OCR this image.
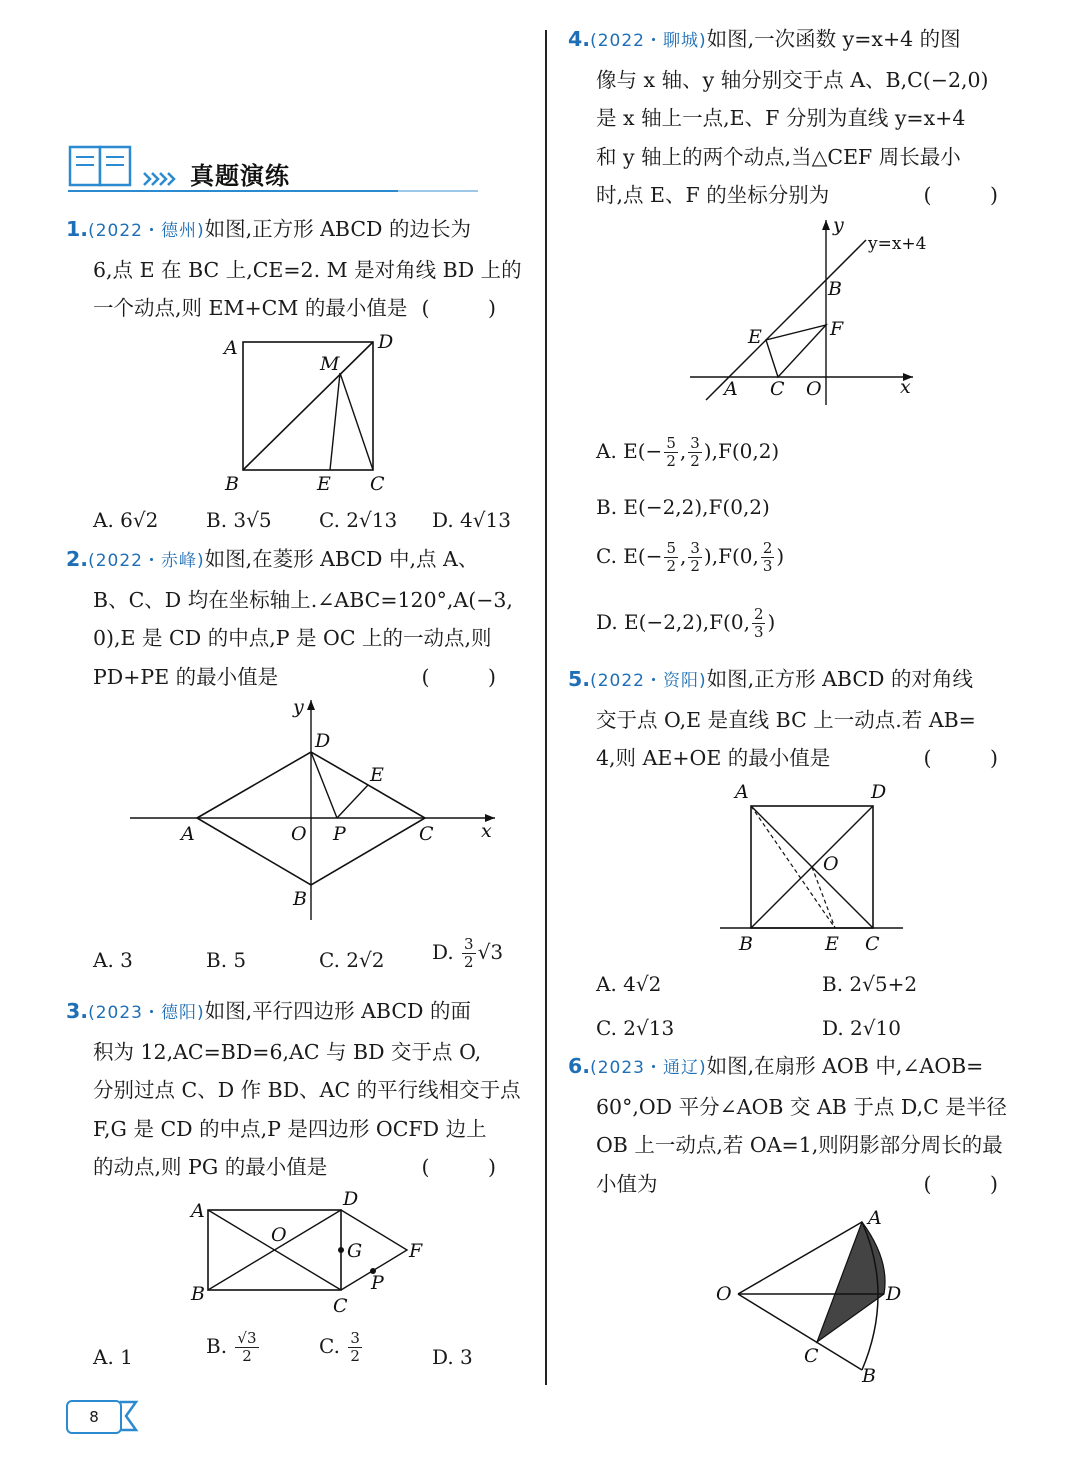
真题演练

1.(2022・德州)如图,正方形 ABCD 的边长为

6,点 E 在 BC 上,CE=2. M 是对角线 BD 上的

一个动点,则 EM+CM 的最小值是 ( )

A	D
M
B	E C
A. 6√2 B. 3√5 C. 2√13 D. 4√13

2.(2022・赤峰)如图,在菱形 ABCD 中,点 A、

B、C、D 均在坐标轴上.∠ABC=120°,A(−3,

0),E 是 CD 的中点,P 是 OC 上的一动点,则

PD+PE 的最小值是	( )

y
D
E
A	O P	C x
B
A. 3	B. 5	C. 2√2 D. $\frac{3}{2} √3$

3.(2023・德阳)如图,平行四边形 ABCD 的面

积为 12,AC=BD=6,AC 与 BD 交于点 O,

分别过点 C、D 作 BD、AC 的平行线相交于点

F,G 是 CD 的中点,P 是四边形 OCFD 边上

的动点,则 PG 的最小值是	( )

A
D
O
G F
P
B
C
A. 1	B. $\frac{√3}{2}$	C. $\frac{3}{2}$	D. 3

4.(2022・聊城)如图,一次函数 y=x+4 的图

像与 x 轴、y 轴分别交于点 A、B,C(−2,0)

是 x 轴上一点,E、F 分别为直线 y=x+4

和 y 轴上的两个动点,当△CEF 周长最小

时,点 E、F 的坐标分别为	( )

y
y=x+4
B
E	F
A C O	x
A. $E(- \frac{5}{2}$ , $\frac{3}{2} ),F(0,2)$
B. E(−2,2),F(0,2)
C. $E(- \frac{5}{2}$ , $\frac{3}{2} ),F(0$, $\frac{2}{3}$ )
D. E(−2,2),F(0, $\frac{2}{3}$ )

5.(2022・资阳)如图,正方形 ABCD 的对角线

交于点 O,E 是直线 BC 上一动点.若 AB=

4,则 AE+OE 的最小值是	( )

A	D
O
B	E C
A. 4√2	B. 2√5+2
C. 2√13	D. 2√10

6.(2023・通辽)如图,在扇形 AOB 中,∠AOB=

60°,OD 平分∠AOB 交 AB 于点 D,C 是半径

OB 上一动点,若 OA=1,则阴影部分周长的最

小值为	( )

A
O	D
C
B
8
